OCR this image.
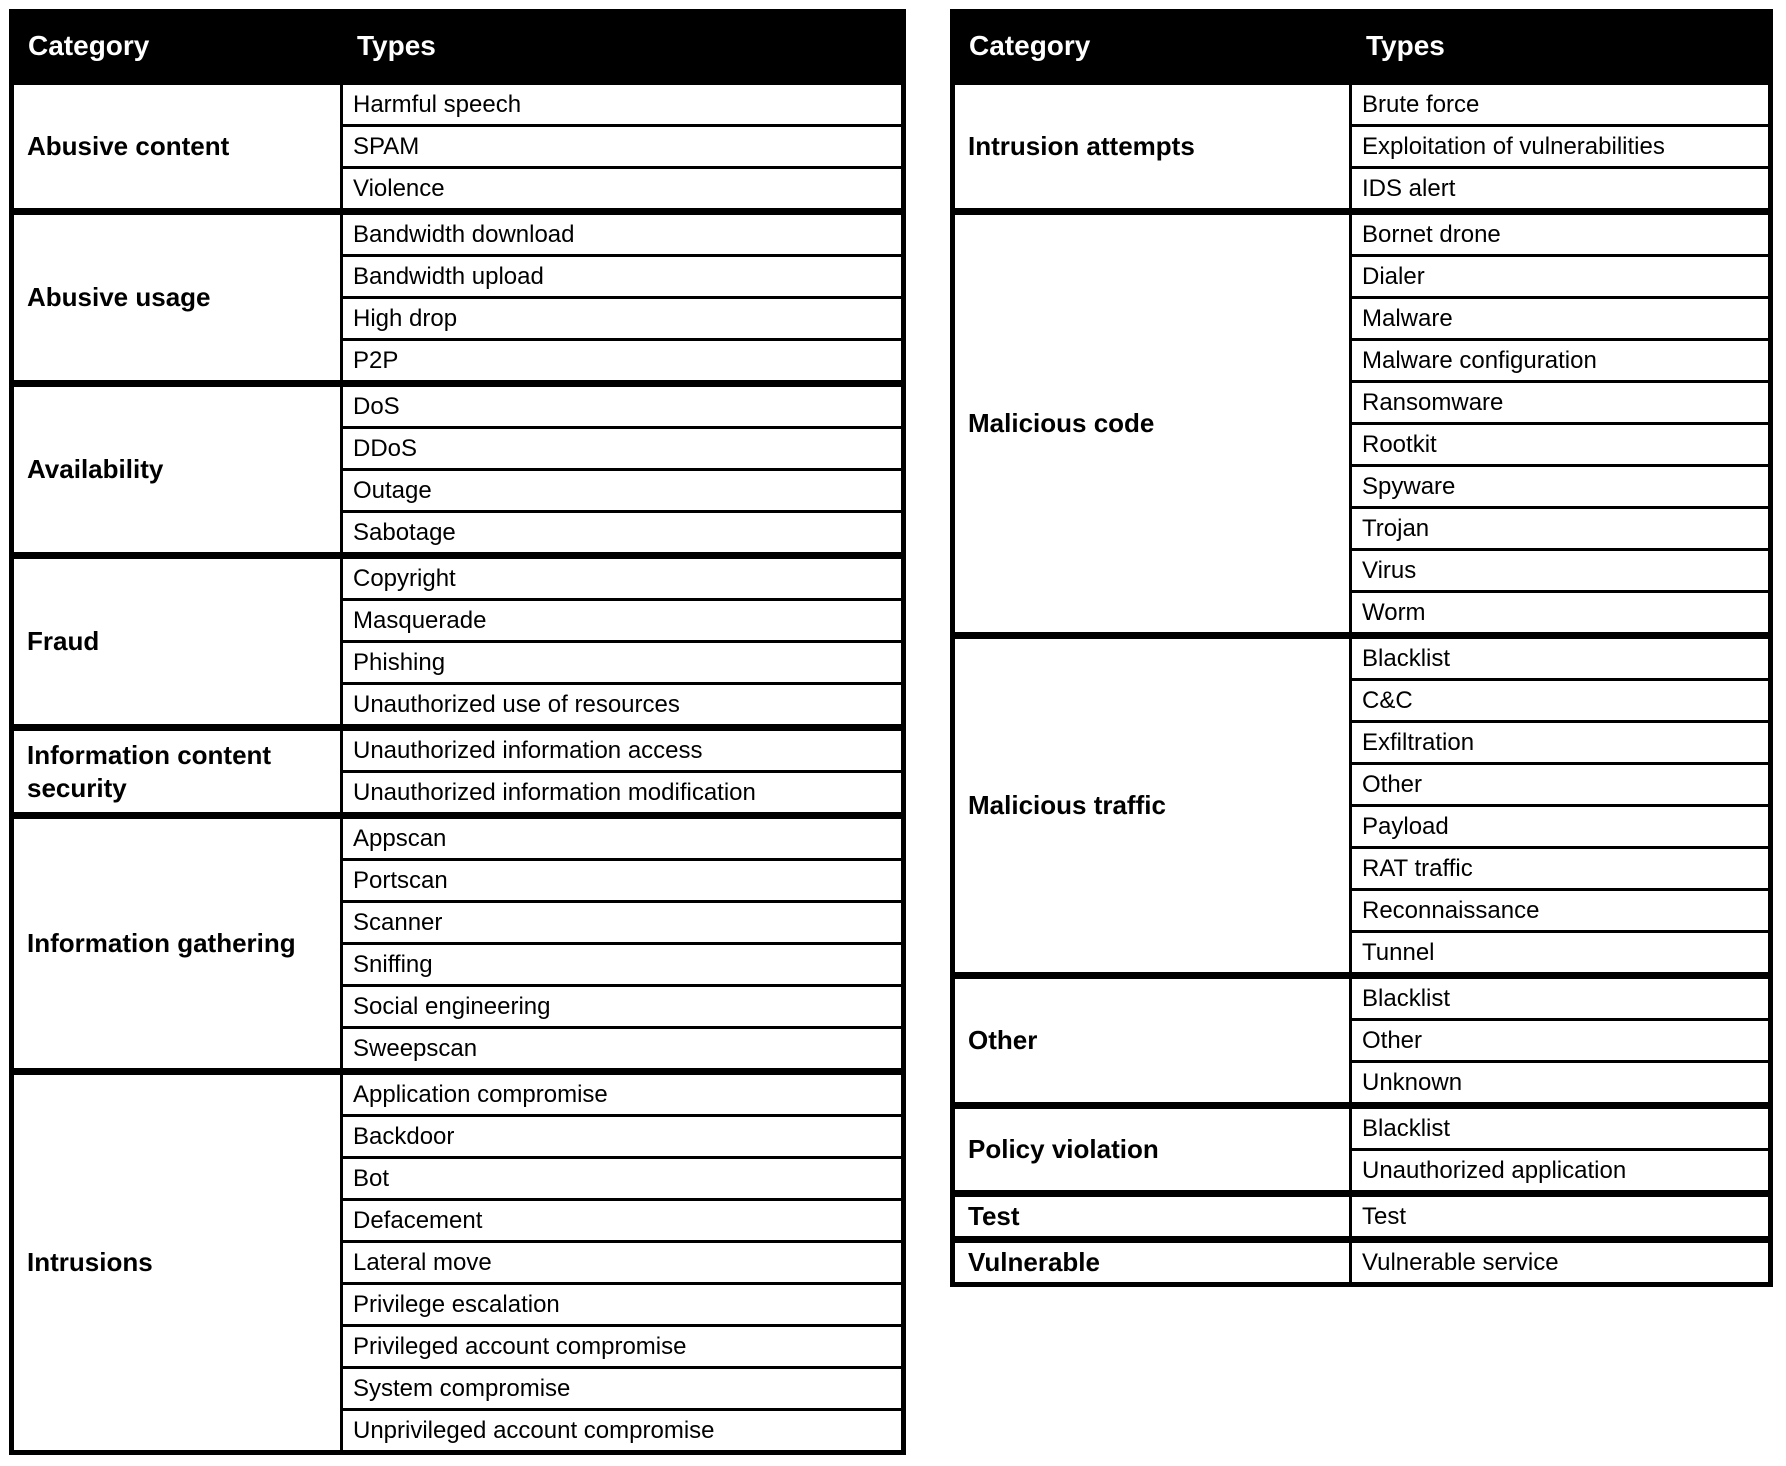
Category	Types
Abusive content	Harmful speech
	SPAM
	Violence
Abusive usage	Bandwidth download
	Bandwidth upload
	High drop
	P2P
Availability	DoS
	DDoS
	Outage
	Sabotage
Fraud	Copyright
	Masquerade
	Phishing
	Unauthorized use of resources
Information content security	Unauthorized information access
	Unauthorized information modification
Information gathering	Appscan
	Portscan
	Scanner
	Sniffing
	Social engineering
	Sweepscan
Intrusions	Application compromise
	Backdoor
	Bot
	Defacement
	Lateral move
	Privilege escalation
	Privileged account compromise
	System compromise
	Unprivileged account compromise
Category	Types
Intrusion attempts	Brute force
	Exploitation of vulnerabilities
	IDS alert
Malicious code	Bornet drone
	Dialer
	Malware
	Malware configuration
	Ransomware
	Rootkit
	Spyware
	Trojan
	Virus
	Worm
Malicious traffic	Blacklist
	C&C
	Exfiltration
	Other
	Payload
	RAT traffic
	Reconnaissance
	Tunnel
Other	Blacklist
	Other
	Unknown
Policy violation	Blacklist
	Unauthorized application
Test	Test
Vulnerable	Vulnerable service
